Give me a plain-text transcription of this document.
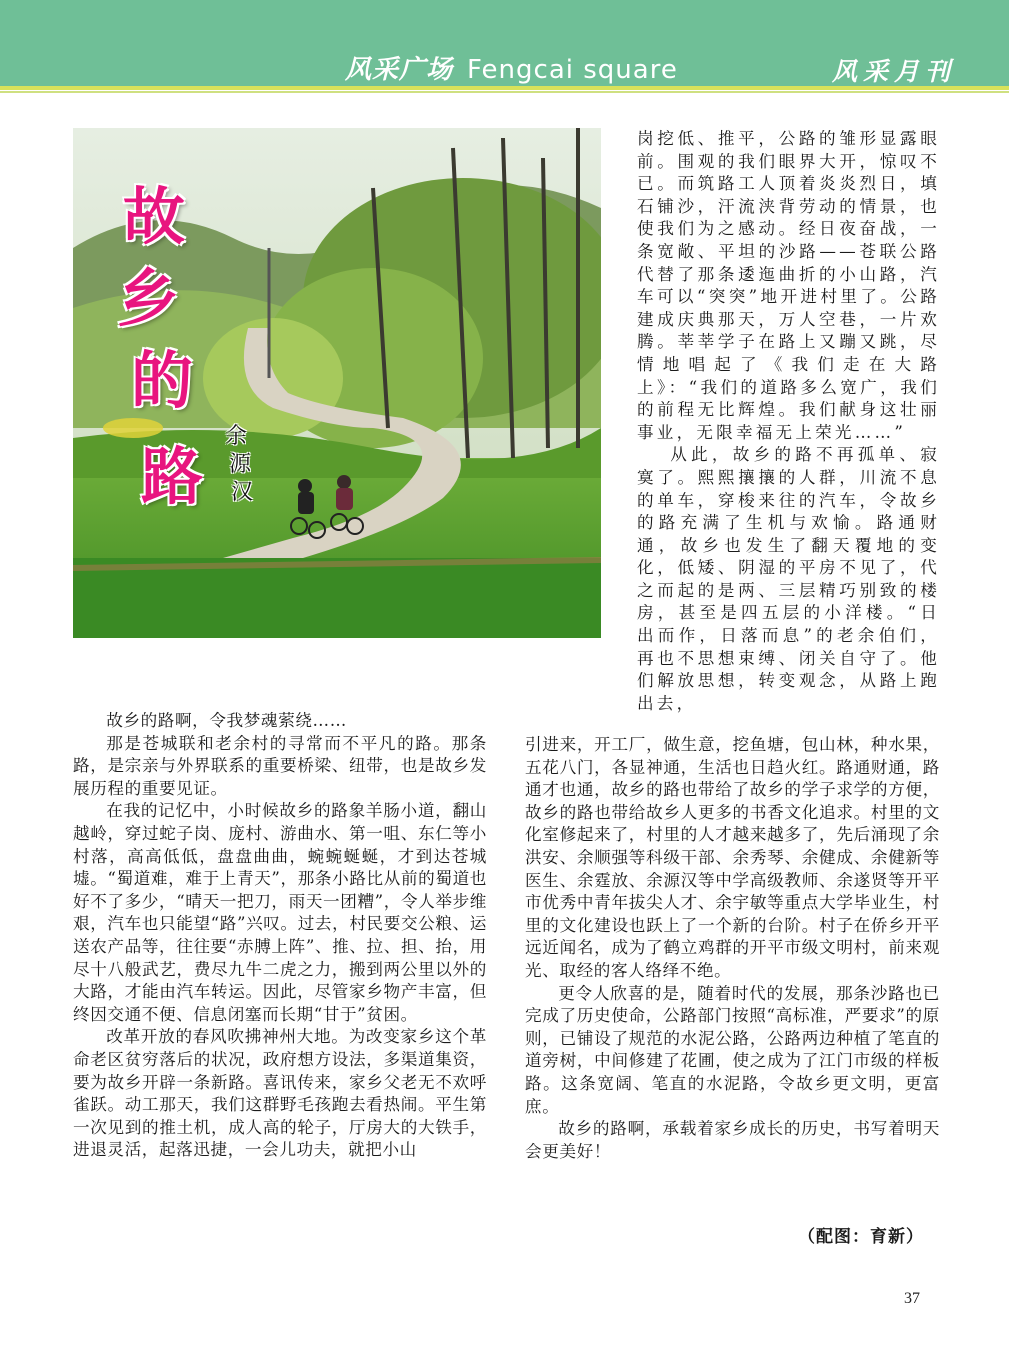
风采广场 Fengcai square	风采月刊
故
乡
的
路
余
源
汉

岗挖低、推平，公路的雏形显露眼前。围观的我们眼界大开，惊叹不已。而筑路工人顶着炎炎烈日，填石铺沙，汗流浃背劳动的情景，也使我们为之感动。经日夜奋战，一条宽敞、平坦的沙路——苍联公路代替了那条逶迤曲折的小山路，汽车可以“突突”地开进村里了。公路建成庆典那天，万人空巷，一片欢腾。莘莘学子在路上又蹦又跳，尽情地唱起了《我们走在大路上》：“我们的道路多么宽广，我们的前程无比辉煌。我们献身这壮丽事业，无限幸福无上荣光……”

从此，故乡的路不再孤单、寂寞了。熙熙攘攘的人群，川流不息的单车，穿梭来往的汽车，令故乡的路充满了生机与欢愉。路通财通，故乡也发生了翻天覆地的变化，低矮、阴湿的平房不见了，代之而起的是两、三层精巧别致的楼房，甚至是四五层的小洋楼。“日出而作，日落而息”的老余伯们，再也不思想束缚、闭关自守了。他们解放思想，转变观念，从路上跑出去，

故乡的路啊，令我梦魂萦绕……

那是苍城联和老余村的寻常而不平凡的路。那条路，是宗亲与外界联系的重要桥梁、纽带，也是故乡发展历程的重要见证。

在我的记忆中，小时候故乡的路象羊肠小道，翻山越岭，穿过蛇子岗、庞村、游曲水、第一咀、东仁等小村落，高高低低，盘盘曲曲，蜿蜿蜒蜒，才到达苍城墟。“蜀道难，难于上青天”，那条小路比从前的蜀道也好不了多少，“晴天一把刀，雨天一团糟”，令人举步维艰，汽车也只能望“路”兴叹。过去，村民要交公粮、运送农产品等，往往要“赤膊上阵”、推、拉、担、抬，用尽十八般武艺，费尽九牛二虎之力，搬到两公里以外的大路，才能由汽车转运。因此，尽管家乡物产丰富，但终因交通不便、信息闭塞而长期“甘于”贫困。

改革开放的春风吹拂神州大地。为改变家乡这个革命老区贫穷落后的状况，政府想方设法，多渠道集资，要为故乡开辟一条新路。喜讯传来，家乡父老无不欢呼雀跃。动工那天，我们这群野毛孩跑去看热闹。平生第一次见到的推土机，成人高的轮子，厅房大的大铁手，进退灵活，起落迅捷，一会儿功夫，就把小山

引进来，开工厂，做生意，挖鱼塘，包山林，种水果，五花八门，各显神通，生活也日趋火红。路通财通，路通才也通，故乡的路也带给了故乡的学子求学的方便，故乡的路也带给故乡人更多的书香文化追求。村里的文化室修起来了，村里的人才越来越多了，先后涌现了余洪安、余顺强等科级干部、余秀琴、余健成、余健新等医生、余霆放、余源汉等中学高级教师、余遂贤等开平市优秀中青年拔尖人才、余宇敏等重点大学毕业生，村里的文化建设也跃上了一个新的台阶。村子在侨乡开平远近闻名，成为了鹤立鸡群的开平市级文明村，前来观光、取经的客人络绎不绝。

更令人欣喜的是，随着时代的发展，那条沙路也已完成了历史使命，公路部门按照“高标准，严要求”的原则，已铺设了规范的水泥公路，公路两边种植了笔直的道旁树，中间修建了花圃，使之成为了江门市级的样板路。这条宽阔、笔直的水泥路，令故乡更文明，更富庶。

故乡的路啊，承载着家乡成长的历史，书写着明天会更美好！

（配图：育新）
37
